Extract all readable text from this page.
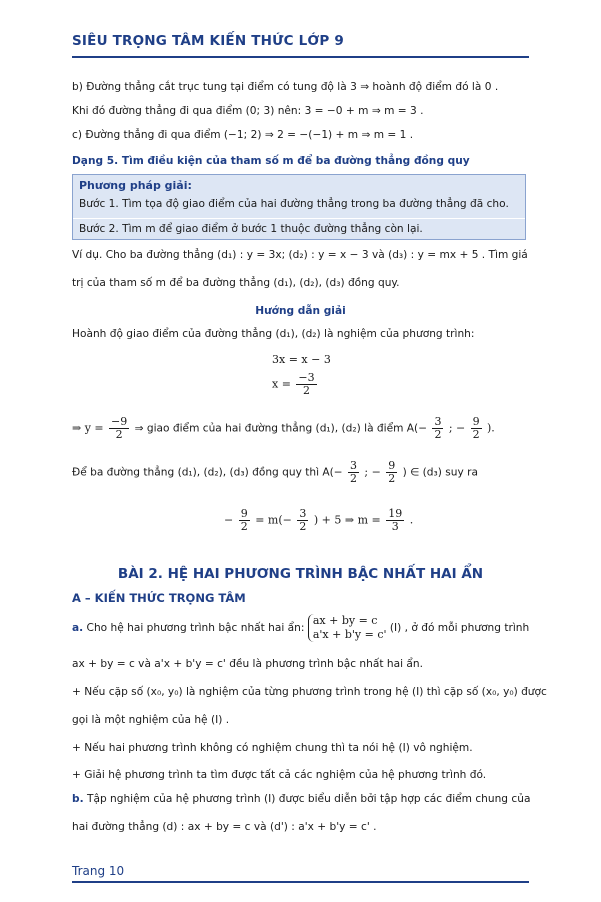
SIÊU TRỌNG TÂM KIẾN THỨC LỚP 9
b) Đường thẳng cắt trục tung tại điểm có tung độ là 3 ⇒ hoành độ điểm đó là 0 .
Khi đó đường thẳng đi qua điểm (0; 3) nên: 3 = −0 + m ⇒ m = 3 .
c) Đường thẳng đi qua điểm (−1; 2) ⇒ 2 = −(−1) + m ⇒ m = 1 .
Dạng 5. Tìm điều kiện của tham số m để ba đường thẳng đồng quy
Phương pháp giải:
Bước 1. Tìm tọa độ giao điểm của hai đường thẳng trong ba đường thẳng đã cho.
Bước 2. Tìm m để giao điểm ở bước 1 thuộc đường thẳng còn lại.
Ví dụ. Cho ba đường thẳng (d₁) : y = 3x; (d₂) : y = x − 3 và (d₃) : y = mx + 5 . Tìm giá
trị của tham số m để ba đường thẳng (d₁), (d₂), (d₃) đồng quy.
Hướng dẫn giải
Hoành độ giao điểm của đường thẳng (d₁), (d₂) là nghiệm của phương trình:
3x = x − 3
$x = \frac{-3}{2}$
⇒ $y = \frac{-9}{2}$ ⇒ giao điểm của hai đường thẳng (d₁), (d₂) là điểm $A(- \frac{3}{2}$ ; − $\frac{9}{2}$ ).
Để ba đường thẳng (d₁), (d₂), (d₃) đồng quy thì $A(- \frac{3}{2}$ ; − $\frac{9}{2}$ ) ∈ (d₃) suy ra
− $\frac{9}{2} = m(- \frac{3}{2}$ ) + 5 ⇒ $m = \frac{19}{3}$ .
BÀI 2. HỆ HAI PHƯƠNG TRÌNH BẬC NHẤT HAI ẨN
A – KIẾN THỨC TRỌNG TÂM
a. Cho hệ hai phương trình bậc nhất hai ẩn: ax + by = c
a'x + b'y = c' (I) , ở đó mỗi phương trình
ax + by = c và a'x + b'y = c' đều là phương trình bậc nhất hai ẩn.
+ Nếu cặp số (x₀, y₀) là nghiệm của từng phương trình trong hệ (I) thì cặp số (x₀, y₀) được
gọi là một nghiệm của hệ (I) .
+ Nếu hai phương trình không có nghiệm chung thì ta nói hệ (I) vô nghiệm.
+ Giải hệ phương trình ta tìm được tất cả các nghiệm của hệ phương trình đó.
b. Tập nghiệm của hệ phương trình (I) được biểu diễn bởi tập hợp các điểm chung của
hai đường thẳng (d) : ax + by = c và (d') : a'x + b'y = c' .
Trang 10
